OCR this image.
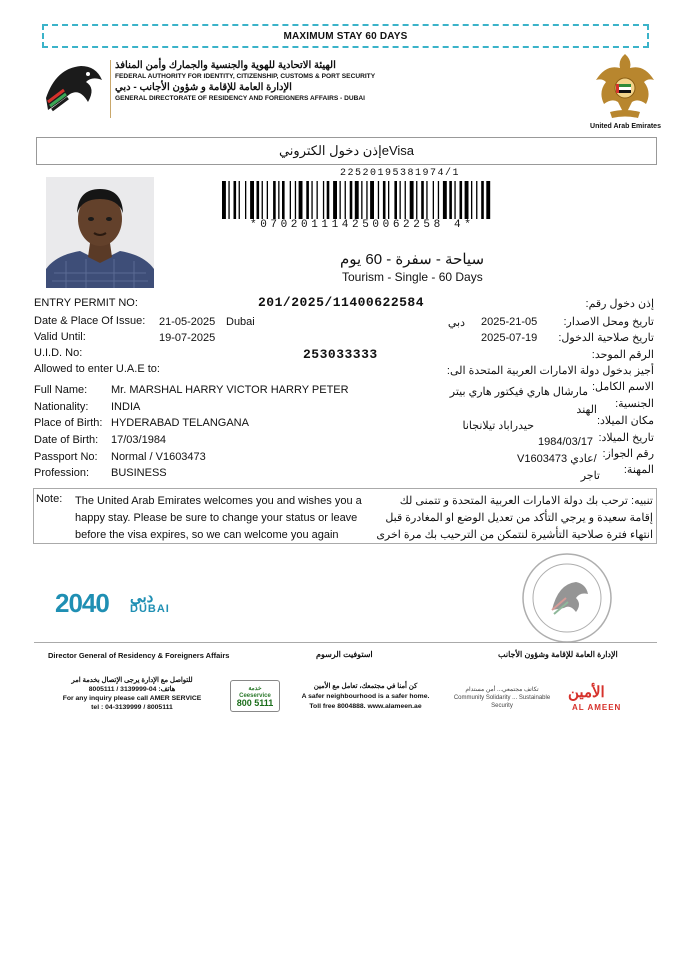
MAXIMUM STAY 60 DAYS
الهيئة الاتحادية للهوية والجنسية والجمارك وأمن المنافذ
FEDERAL AUTHORITY FOR IDENTITY, CITIZENSHIP, CUSTOMS & PORT SECURITY
الإدارة العامة للإقامة و شؤون الأجانب - دبي
GENERAL DIRECTORATE OF RESIDENCY AND FOREIGNERS AFFAIRS - DUBAI
United Arab Emirates
إذن دخول الكترونيeVisa
2252019538197​4/1
*070201114250062258 4*
سياحة - سفرة - 60 يوم
Tourism - Single - 60 Days
ENTRY PERMIT NO:	201/2025/11400622584	إذن دخول رقم:
Date & Place Of Issue: 21-05-2025 Dubai	دبي 2025-21-05 تاريخ ومحل الاصدار:
Valid Until:	19-07-2025	2025-07-19 تاريخ صلاحية الدخول:
U.I.D. No:	253033333	الرقم الموحد:
Allowed to enter U.A.E to:	أجيز بدخول دولة الامارات العربية المتحدة الى:
Full Name: Mr. MARSHAL HARRY VICTOR HARRY PETER	الاسم الكامل:
مارشال هاري فيكتور هاري بيتر
Nationality: INDIA	الجنسية:
الهند
Place of Birth: HYDERABAD TELANGANA	مكان الميلاد:
حيدراباد تيلانجانا
Date of Birth: 17/03/1984	تاريخ الميلاد:
1984/03/17
Passport No: Normal / V1603473	رقم الجواز:
V1603473 عادي/
Profession: BUSINESS	المهنة:
تاجر
Note: The United Arab Emirates welcomes you and wishes you a happy stay. Please be sure to change your status or leave before the visa expires, so we can welcome you again
تنبيه: ترحب بك دولة الامارات العربية المتحدة و تتمنى لك إقامة سعيدة و يرجي التأكد من تعديل الوضع او المغادرة قبل انتهاء فترة صلاحية التأشيرة لنتمكن من الترحيب بك مرة اخرى
2040 دبي
DUBAI
Director General of Residency & Foreigners Affairs	استوفيت الرسوم	الإدارة العامة للإقامة وشؤون الأجانب
للتواصل مع الإدارة يرجى الإتصال بخدمة امر
هاتف: 04-3139999 / 8005111
For any inquiry please call AMER SERVICE
tel : 04-3139999 / 8005111
خدمة
Ceeservice
800 5111
كن أمنا في مجتمعك، تعامل مع الأمين
A safer neighbourhood is a safer home.
Toll free 8004888. www.alameen.ae
تكاتف مجتمعي... أمن مستدام
Community Solidarity ... Sustainable Security
الأمين
AL AMEEN
